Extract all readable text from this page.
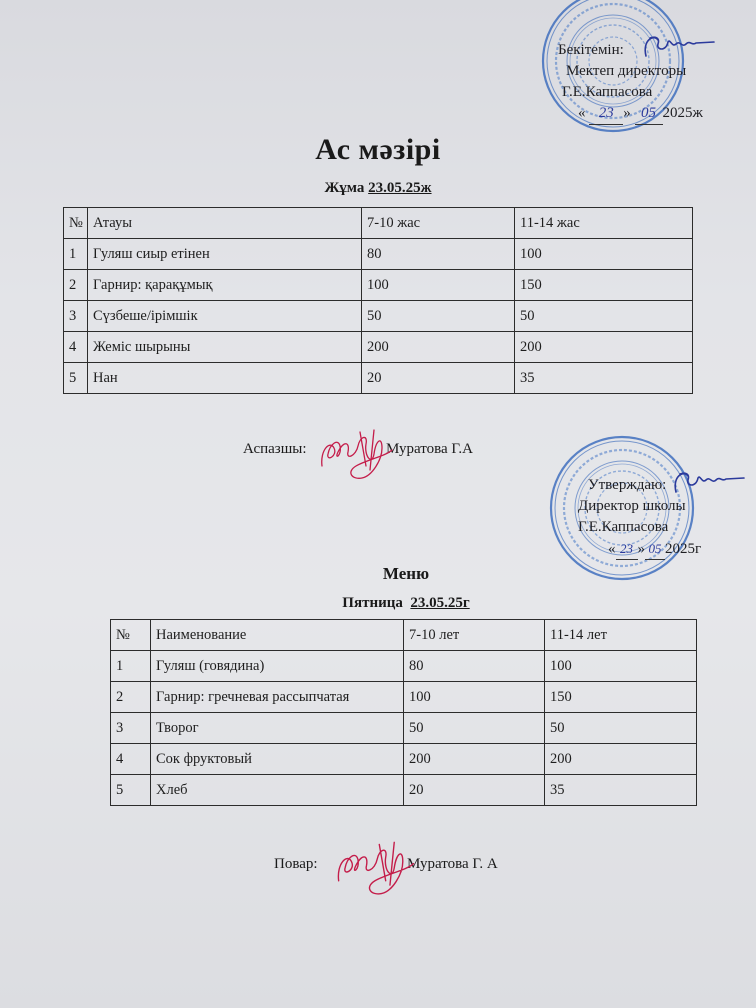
Бекітемін:
Мектеп директоры
Г.Е.Каппасова
« 23 » 05 2025ж
Ас мәзірі
Жұма 23.05.25ж
№	Атауы	7-10 жас	11-14 жас
1	Гуляш сиыр етінен	80	100
2	Гарнир: қарақұмық	100	150
3	Сүзбеше/ірімшік	50	50
4	Жеміс шырыны	200	200
5	Нан	20	35
Аспазшы:	Муратова Г.А
Утверждаю:
Директор школы
Г.Е.Каппасова
« 23 » 05 2025г
Меню
Пятница  23.05.25г
№	Наименование	7-10 лет	11-14 лет
1	Гуляш (говядина)	80	100
2	Гарнир: гречневая рассыпчатая	100	150
3	Творог	50	50
4	Сок фруктовый	200	200
5	Хлеб	20	35
Повар:	Муратова Г. А
